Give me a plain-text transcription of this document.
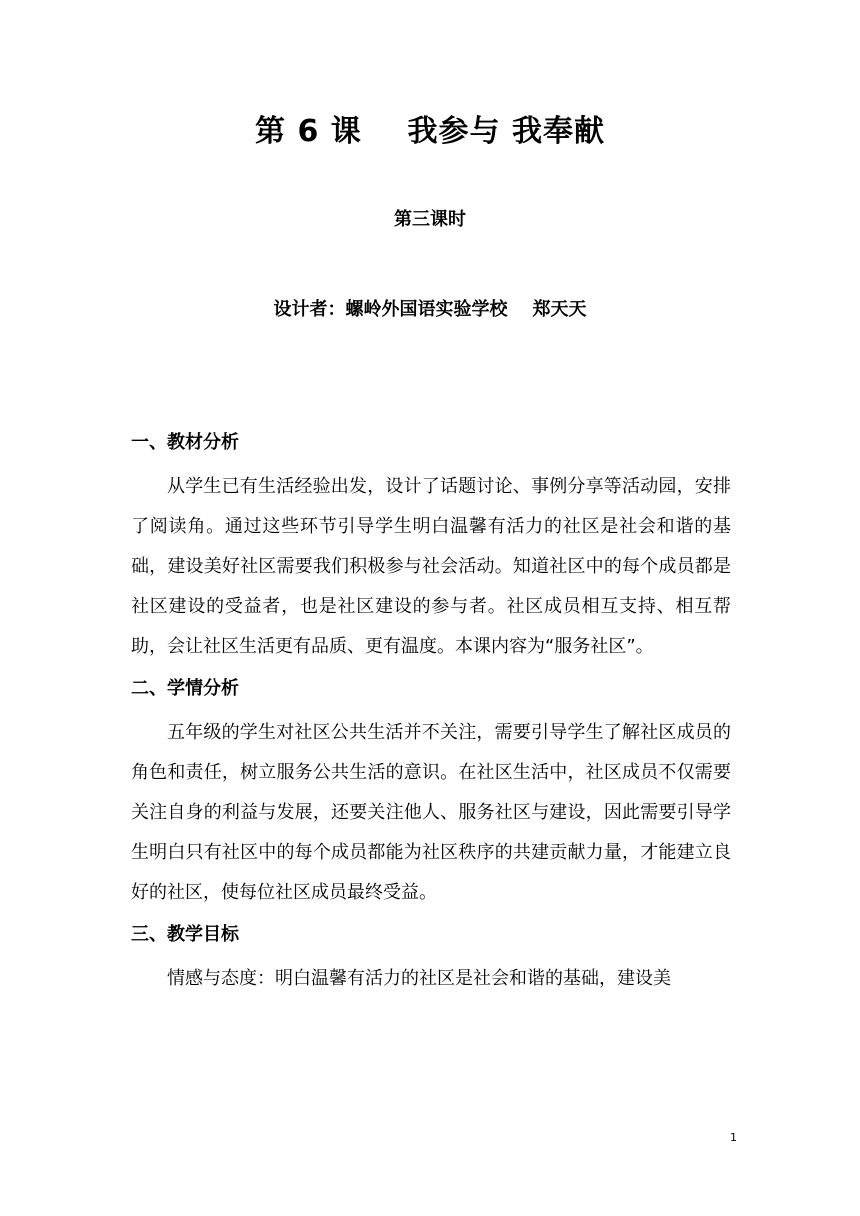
第 6 课    我参与 我奉献

第三课时

设计者：螺岭外国语实验学校    郑天天

一、教材分析

从学生已有生活经验出发，设计了话题讨论、事例分享等活动园，安排了阅读角。通过这些环节引导学生明白温馨有活力的社区是社会和谐的基础，建设美好社区需要我们积极参与社会活动。知道社区中的每个成员都是社区建设的受益者，也是社区建设的参与者。社区成员相互支持、相互帮助，会让社区生活更有品质、更有温度。本课内容为“服务社区”。

二、学情分析

五年级的学生对社区公共生活并不关注，需要引导学生了解社区成员的角色和责任，树立服务公共生活的意识。在社区生活中，社区成员不仅需要关注自身的利益与发展，还要关注他人、服务社区与建设，因此需要引导学生明白只有社区中的每个成员都能为社区秩序的共建贡献力量，才能建立良好的社区，使每位社区成员最终受益。

三、教学目标

情感与态度：明白温馨有活力的社区是社会和谐的基础，建设美

1
